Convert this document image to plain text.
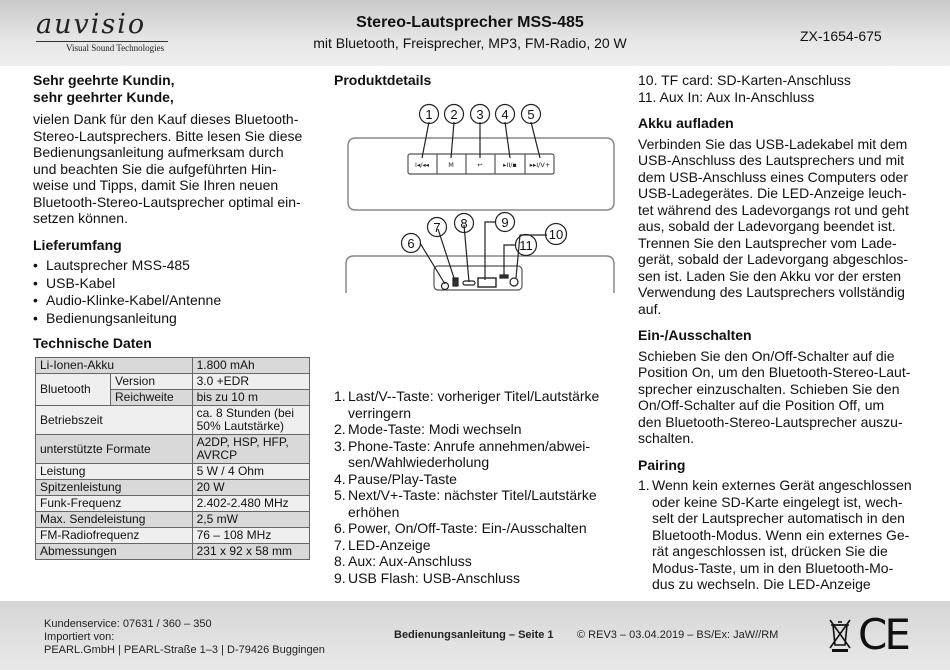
auvisio
Visual Sound Technologies
Stereo-Lautsprecher MSS-485
mit Bluetooth, Freisprecher, MP3, FM-Radio, 20 W	ZX-1654-675
Sehr geehrte Kundin,
sehr geehrter Kunde,

vielen Dank für den Kauf dieses Bluetooth-

Stereo-Lautsprechers. Bitte lesen Sie diese

Bedienungsanleitung aufmerksam durch

und beachten Sie die aufgeführten Hin-

weise und Tipps, damit Sie Ihren neuen

Bluetooth-Stereo-Lautsprecher optimal ein-

setzen können.

Lieferumfang
• Lautsprecher MSS-485
• USB-Kabel
• Audio-Klinke-Kabel/Antenne
• Bedienungsanleitung
Technische Daten
Li-Ionen-Akku		1.800 mAh
Bluetooth	Version	3.0 +EDR
	Reichweite	bis zu 10 m
Betriebszeit		ca. 8 Stunden (bei
50% Lautstärke)

unterstützte Formate		A2DP, HSP, HFP,
AVRCP

Leistung		5 W / 4 Ohm
Spitzenleistung		20 W
Funk-Frequenz		2.402-2.480 MHz
Max. Sendeleistung		2,5 mW
FM-Radiofrequenz		76 – 108 MHz
Abmessungen		231 x 92 x 58 mm
Produktdetails
1 2 3 4 5
6
7 8	9
10
11
I◂/◂◂	M	↩	▸II/▪ ▸▸I/V+
1. Last/V--Taste: vorheriger Titel/Lautstärke
verringern
2. Mode-Taste: Modi wechseln
3. Phone-Taste: Anrufe annehmen/abwei-
sen/Wahlwiederholung
4. Pause/Play-Taste
5. Next/V+-Taste: nächster Titel/Lautstärke
erhöhen
6. Power, On/Off-Taste: Ein-/Ausschalten
7. LED-Anzeige
8. Aux: Aux-Anschluss
9. USB Flash: USB-Anschluss

10. TF card: SD-Karten-Anschluss

11. Aux In: Aux In-Anschluss

Akku aufladen

Verbinden Sie das USB-Ladekabel mit dem

USB-Anschluss des Lautsprechers und mit

dem USB-Anschluss eines Computers oder

USB-Ladegerätes. Die LED-Anzeige leuch-

tet während des Ladevorgangs rot und geht

aus, sobald der Ladevorgang beendet ist.

Trennen Sie den Lautsprecher vom Lade-

gerät, sobald der Ladevorgang abgeschlos-

sen ist. Laden Sie den Akku vor der ersten

Verwendung des Lautsprechers vollständig

auf.

Ein-/Ausschalten

Schieben Sie den On/Off-Schalter auf die

Position On, um den Bluetooth-Stereo-Laut-

sprecher einzuschalten. Schieben Sie den

On/Off-Schalter auf die Position Off, um

den Bluetooth-Stereo-Lautsprecher auszu-

schalten.

Pairing
1. Wenn kein externes Gerät angeschlossen

oder keine SD-Karte eingelegt ist, wech-

selt der Lautsprecher automatisch in den

Bluetooth-Modus. Wenn ein externes Ge-

rät angeschlossen ist, drücken Sie die

Modus-Taste, um in den Bluetooth-Mo-

dus zu wechseln. Die LED-Anzeige

Kundenservice: 07631 / 360 – 350
Importiert von:
PEARL.GmbH | PEARL-Straße 1–3 | D-79426 Buggingen
Bedienungsanleitung – Seite 1 © REV3 – 03.04.2019 – BS/Ex: JaW//RM CE
